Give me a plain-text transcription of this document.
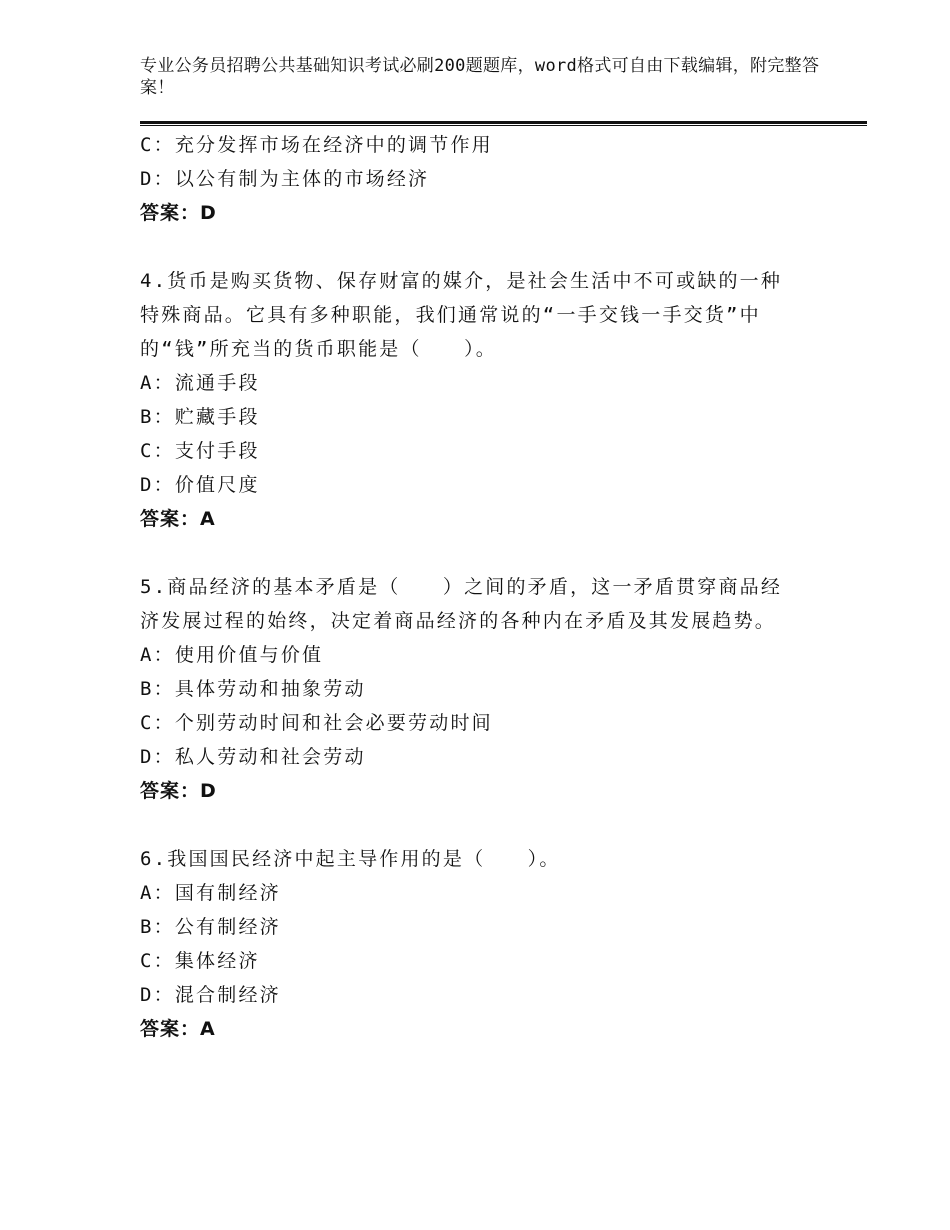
专业公务员招聘公共基础知识考试必刷200题题库，word格式可自由下载编辑，附完整答案！
C：充分发挥市场在经济中的调节作用
D：以公有制为主体的市场经济
答案：D
4.货币是购买货物、保存财富的媒介，是社会生活中不可或缺的一种特殊商品。它具有多种职能，我们通常说的“一手交钱一手交货”中的“钱”所充当的货币职能是（　　）。
A：流通手段
B：贮藏手段
C：支付手段
D：价值尺度
答案：A
5.商品经济的基本矛盾是（　　）之间的矛盾，这一矛盾贯穿商品经济发展过程的始终，决定着商品经济的各种内在矛盾及其发展趋势。
A：使用价值与价值
B：具体劳动和抽象劳动
C：个别劳动时间和社会必要劳动时间
D：私人劳动和社会劳动
答案：D
6.我国国民经济中起主导作用的是（　　）。
A：国有制经济
B：公有制经济
C：集体经济
D：混合制经济
答案：A
